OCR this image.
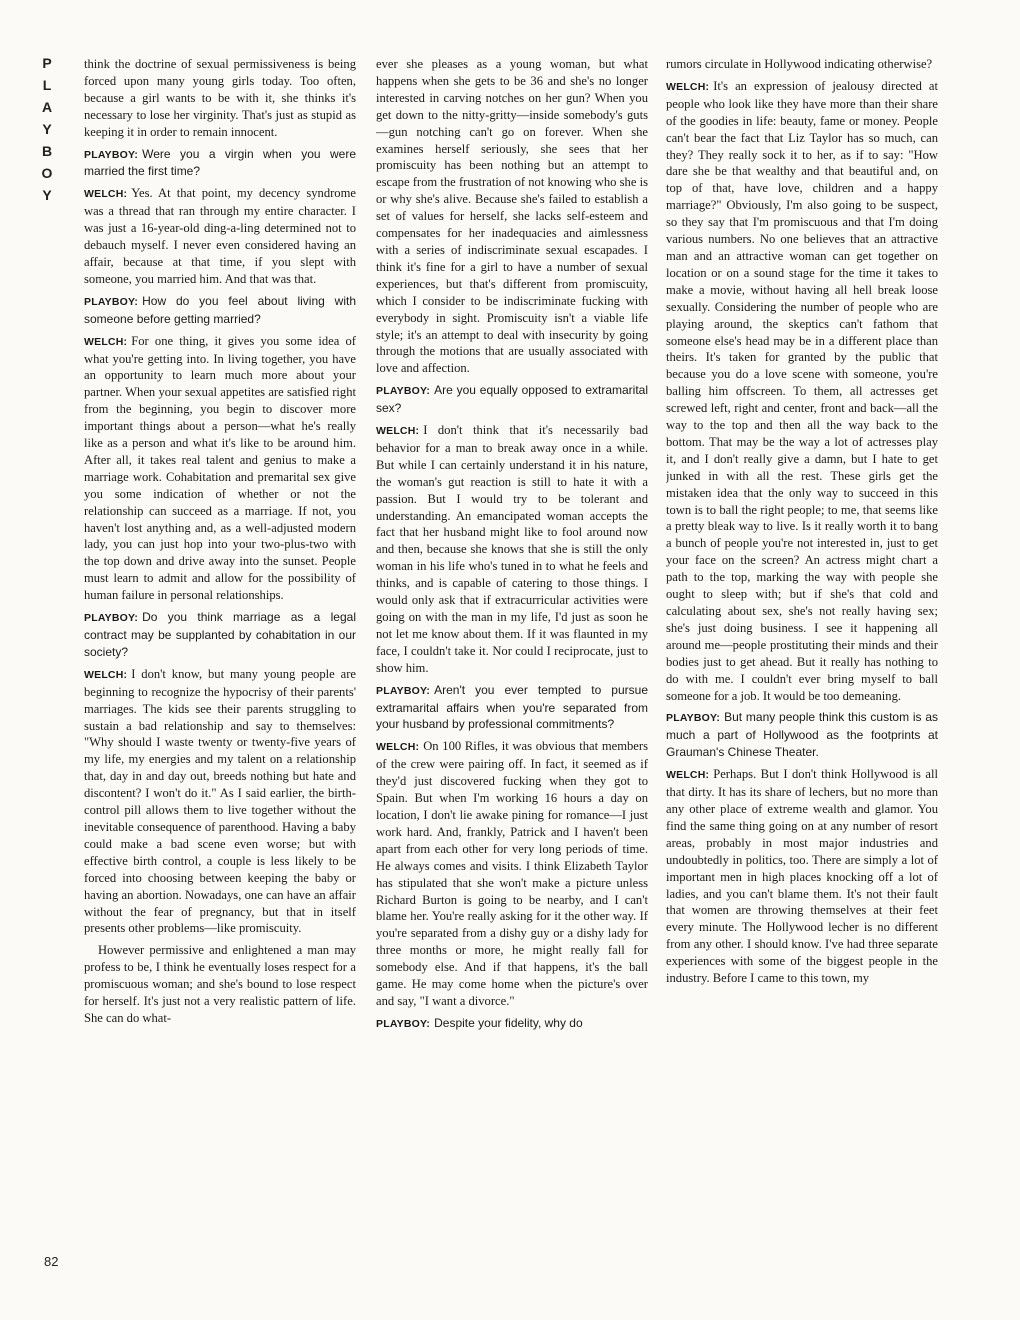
P
L
A
Y
B
O
Y
82

think the doctrine of sexual permissiveness is being forced upon many young girls today. Too often, because a girl wants to be with it, she thinks it's necessary to lose her virginity. That's just as stupid as keeping it in order to remain innocent.

PLAYBOY: Were you a virgin when you were married the first time?

WELCH: Yes. At that point, my decency syndrome was a thread that ran through my entire character. I was just a 16-year-old ding-a-ling determined not to debauch myself. I never even considered having an affair, because at that time, if you slept with someone, you married him. And that was that.

PLAYBOY: How do you feel about living with someone before getting married?

WELCH: For one thing, it gives you some idea of what you're getting into. In living together, you have an opportunity to learn much more about your partner. When your sexual appetites are satisfied right from the beginning, you begin to discover more important things about a person—what he's really like as a person and what it's like to be around him. After all, it takes real talent and genius to make a marriage work. Cohabitation and premarital sex give you some indication of whether or not the relationship can succeed as a marriage. If not, you haven't lost anything and, as a well-adjusted modern lady, you can just hop into your two-plus-two with the top down and drive away into the sunset. People must learn to admit and allow for the possibility of human failure in personal relationships.

PLAYBOY: Do you think marriage as a legal contract may be supplanted by cohabitation in our society?

WELCH: I don't know, but many young people are beginning to recognize the hypocrisy of their parents' marriages. The kids see their parents struggling to sustain a bad relationship and say to themselves: "Why should I waste twenty or twenty-five years of my life, my energies and my talent on a relationship that, day in and day out, breeds nothing but hate and discontent? I won't do it." As I said earlier, the birth-control pill allows them to live together without the inevitable consequence of parenthood. Having a baby could make a bad scene even worse; but with effective birth control, a couple is less likely to be forced into choosing between keeping the baby or having an abortion. Nowadays, one can have an affair without the fear of pregnancy, but that in itself presents other problems—like promiscuity.

However permissive and enlightened a man may profess to be, I think he eventually loses respect for a promiscuous woman; and she's bound to lose respect for herself. It's just not a very realistic pattern of life. She can do what-

ever she pleases as a young woman, but what happens when she gets to be 36 and she's no longer interested in carving notches on her gun? When you get down to the nitty-gritty—inside somebody's guts—gun notching can't go on forever. When she examines herself seriously, she sees that her promiscuity has been nothing but an attempt to escape from the frustration of not knowing who she is or why she's alive. Because she's failed to establish a set of values for herself, she lacks self-esteem and compensates for her inadequacies and aimlessness with a series of indiscriminate sexual escapades. I think it's fine for a girl to have a number of sexual experiences, but that's different from promiscuity, which I consider to be indiscriminate fucking with everybody in sight. Promiscuity isn't a viable life style; it's an attempt to deal with insecurity by going through the motions that are usually associated with love and affection.

PLAYBOY: Are you equally opposed to extramarital sex?

WELCH: I don't think that it's necessarily bad behavior for a man to break away once in a while. But while I can certainly understand it in his nature, the woman's gut reaction is still to hate it with a passion. But I would try to be tolerant and understanding. An emancipated woman accepts the fact that her husband might like to fool around now and then, because she knows that she is still the only woman in his life who's tuned in to what he feels and thinks, and is capable of catering to those things. I would only ask that if extracurricular activities were going on with the man in my life, I'd just as soon he not let me know about them. If it was flaunted in my face, I couldn't take it. Nor could I reciprocate, just to show him.

PLAYBOY: Aren't you ever tempted to pursue extramarital affairs when you're separated from your husband by professional commitments?

WELCH: On 100 Rifles, it was obvious that members of the crew were pairing off. In fact, it seemed as if they'd just discovered fucking when they got to Spain. But when I'm working 16 hours a day on location, I don't lie awake pining for romance—I just work hard. And, frankly, Patrick and I haven't been apart from each other for very long periods of time. He always comes and visits. I think Elizabeth Taylor has stipulated that she won't make a picture unless Richard Burton is going to be nearby, and I can't blame her. You're really asking for it the other way. If you're separated from a dishy guy or a dishy lady for three months or more, he might really fall for somebody else. And if that happens, it's the ball game. He may come home when the picture's over and say, "I want a divorce."

PLAYBOY: Despite your fidelity, why do

rumors circulate in Hollywood indicating otherwise?

WELCH: It's an expression of jealousy directed at people who look like they have more than their share of the goodies in life: beauty, fame or money. People can't bear the fact that Liz Taylor has so much, can they? They really sock it to her, as if to say: "How dare she be that wealthy and that beautiful and, on top of that, have love, children and a happy marriage?" Obviously, I'm also going to be suspect, so they say that I'm promiscuous and that I'm doing various numbers. No one believes that an attractive man and an attractive woman can get together on location or on a sound stage for the time it takes to make a movie, without having all hell break loose sexually. Considering the number of people who are playing around, the skeptics can't fathom that someone else's head may be in a different place than theirs. It's taken for granted by the public that because you do a love scene with someone, you're balling him offscreen. To them, all actresses get screwed left, right and center, front and back—all the way to the top and then all the way back to the bottom. That may be the way a lot of actresses play it, and I don't really give a damn, but I hate to get junked in with all the rest. These girls get the mistaken idea that the only way to succeed in this town is to ball the right people; to me, that seems like a pretty bleak way to live. Is it really worth it to bang a bunch of people you're not interested in, just to get your face on the screen? An actress might chart a path to the top, marking the way with people she ought to sleep with; but if she's that cold and calculating about sex, she's not really having sex; she's just doing business. I see it happening all around me—people prostituting their minds and their bodies just to get ahead. But it really has nothing to do with me. I couldn't ever bring myself to ball someone for a job. It would be too demeaning.

PLAYBOY: But many people think this custom is as much a part of Hollywood as the footprints at Grauman's Chinese Theater.

WELCH: Perhaps. But I don't think Hollywood is all that dirty. It has its share of lechers, but no more than any other place of extreme wealth and glamor. You find the same thing going on at any number of resort areas, probably in most major industries and undoubtedly in politics, too. There are simply a lot of important men in high places knocking off a lot of ladies, and you can't blame them. It's not their fault that women are throwing themselves at their feet every minute. The Hollywood lecher is no different from any other. I should know. I've had three separate experiences with some of the biggest people in the industry. Before I came to this town, my
